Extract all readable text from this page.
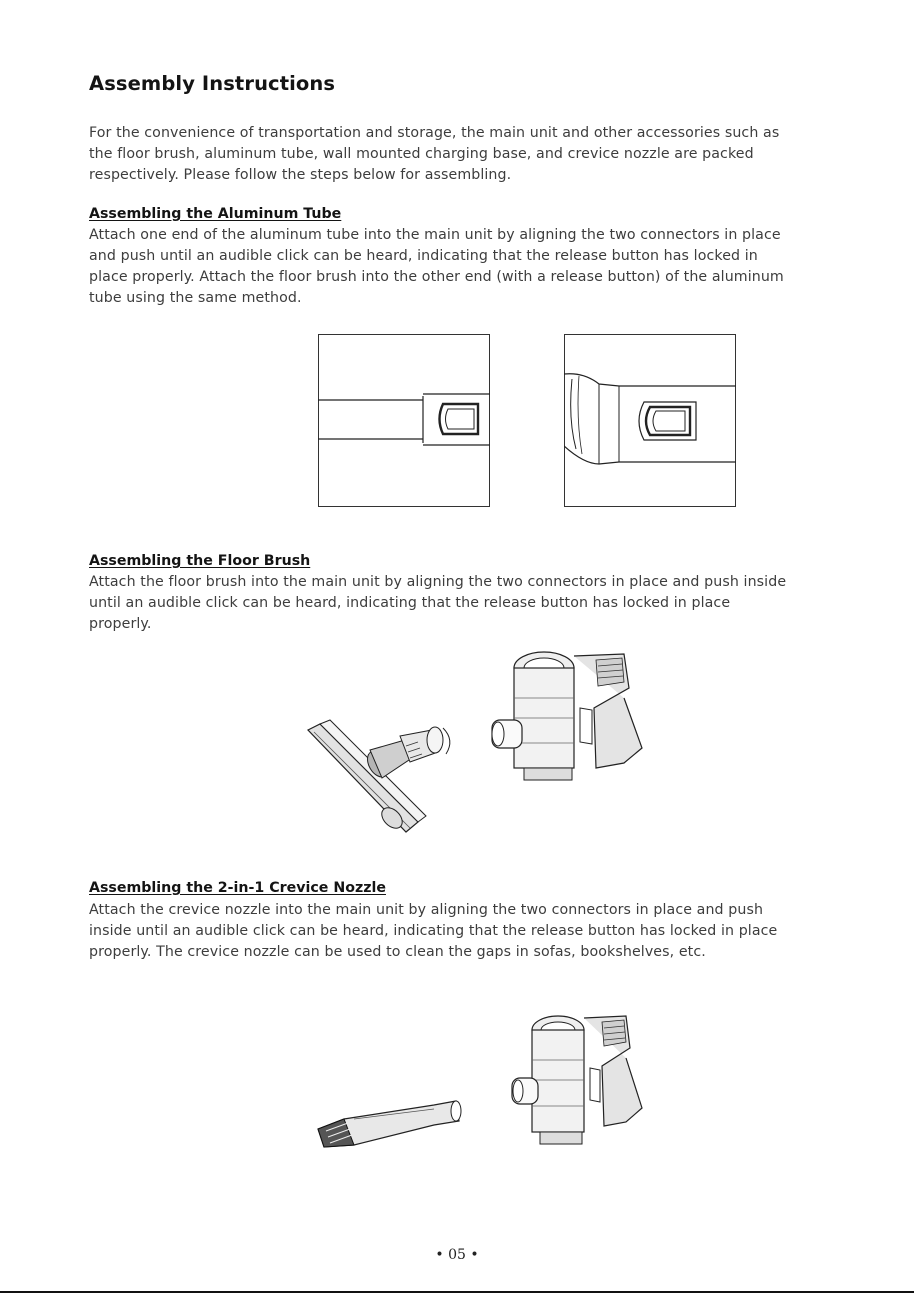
Assembly Instructions

For the convenience of transportation and storage, the main unit and other accessories such as
the floor brush, aluminum tube, wall mounted charging base, and crevice nozzle are packed
respectively. Please follow the steps below for assembling.

Assembling the Aluminum Tube

Attach one end of the aluminum tube into the main unit by aligning the two connectors in place
and push until an audible click can be heard, indicating that the release button has locked in
place properly. Attach the floor brush into the other end (with a release button) of the aluminum
tube using the same method.

Assembling the Floor Brush

Attach the floor brush into the main unit by aligning the two connectors in place and push inside
until an audible click can be heard, indicating that the release button has locked in place
properly.

Assembling the 2-in-1 Crevice Nozzle

Attach the crevice nozzle into the main unit by aligning the two connectors in place and push
inside until an audible click can be heard, indicating that the release button has locked in place
properly. The crevice nozzle can be used to clean the gaps in sofas, bookshelves, etc.

• 05 •
